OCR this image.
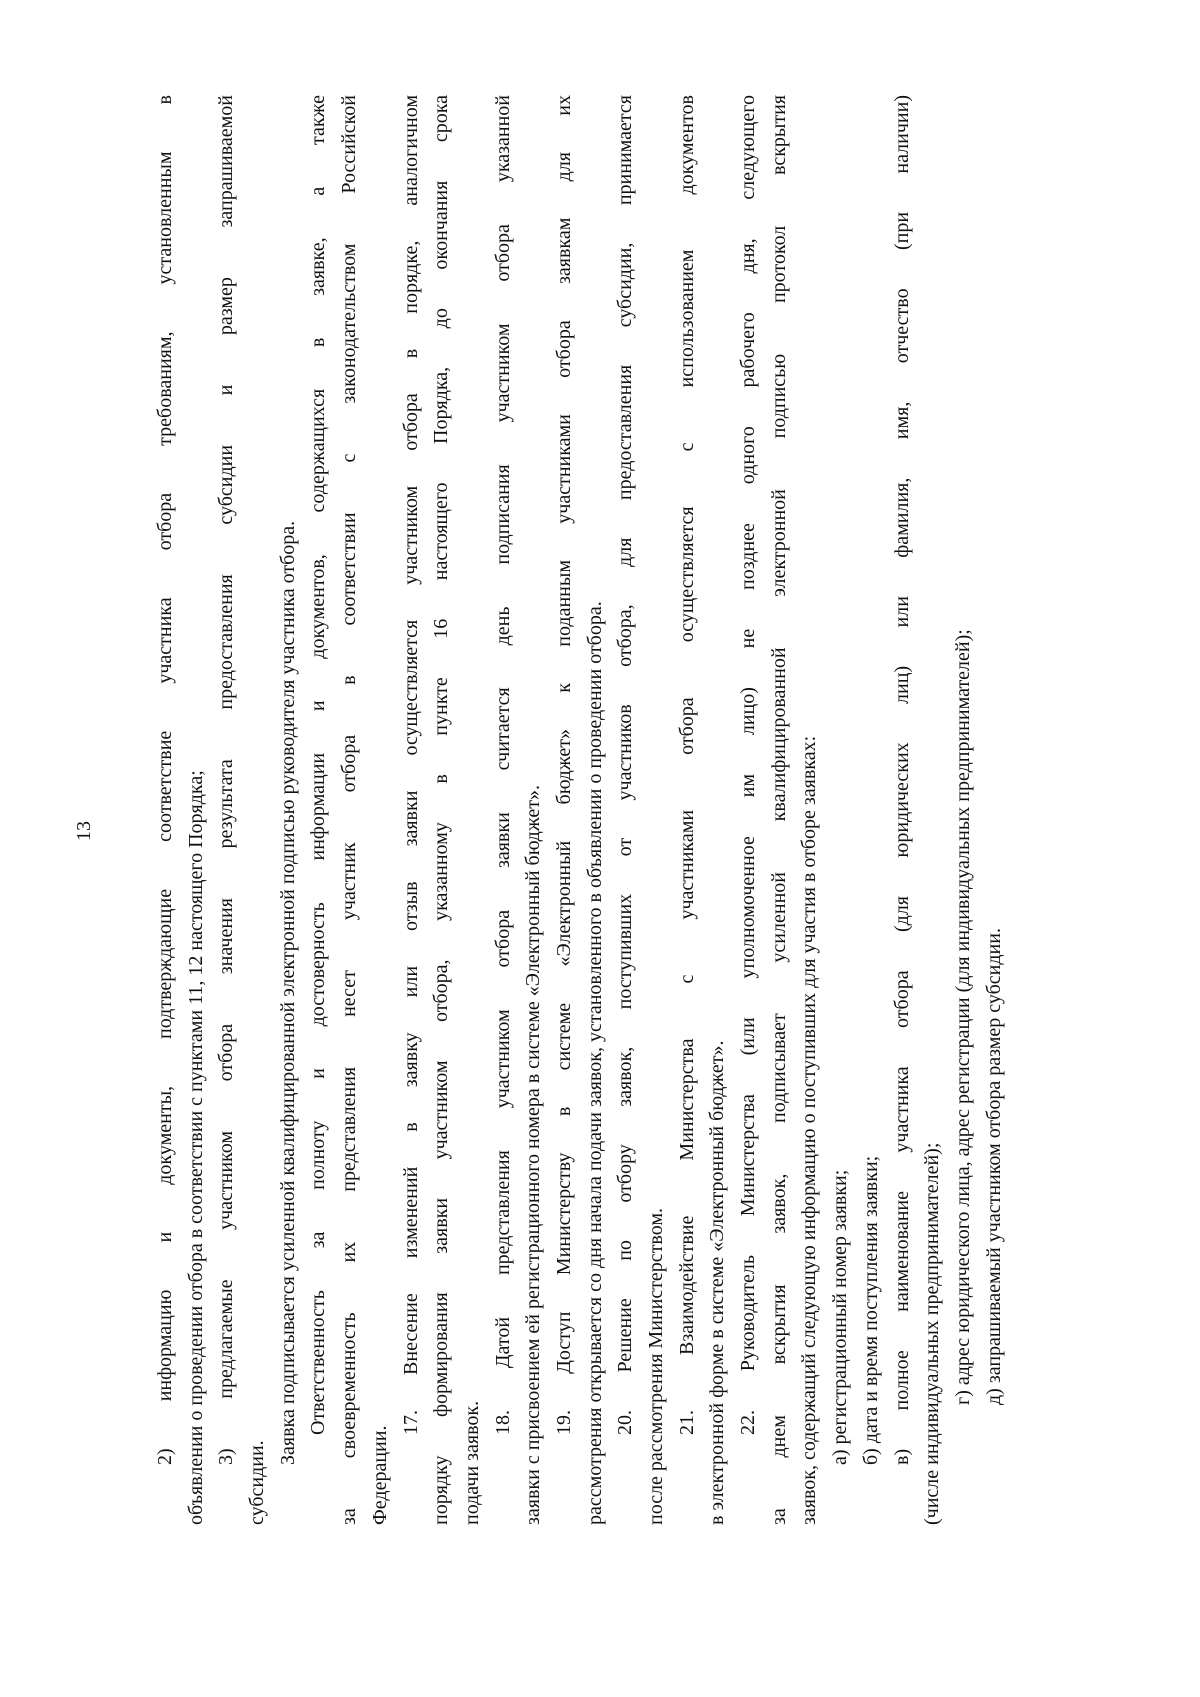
13	2) информацию и документы, подтверждающие соответствие участника отбора требованиям, установленным в объявлении о проведении отбора в соответствии с пунктами 11, 12 настоящего Порядка; 3) предлагаемые участником отбора значения результата предоставления субсидии и размер запрашиваемой
субсидии.
Заявка подписывается усиленной квалифицированной электронной подписью руководителя участника отбора. Ответственность за полноту и достоверность информации и документов, содержащихся в заявке, а также за своевременность их представления несет участник отбора в соответствии с законодательством Российской Федерации.
17. Внесение изменений в заявку или отзыв заявки осуществляется участником отбора в порядке, аналогичном порядку формирования заявки участником отбора, указанному в пункте 16 настоящего Порядка, до окончания срока подачи заявок.
18. Датой представления участником отбора заявки считается день подписания участником отбора указанной заявки с присвоением ей регистрационного номера в системе «Электронный бюджет». 19. Доступ Министерству в системе «Электронный бюджет» к поданным участниками отбора заявкам для их рассмотрения открывается со дня начала подачи заявок, установленного в объявлении о проведении отбора. 20. Решение по отбору заявок, поступивших от участников отбора, для предоставления субсидии, принимается после рассмотрения Министерством. 21. Взаимодействие Министерства с участниками отбора осуществляется с использованием документов в электронной форме в системе «Электронный бюджет». 22. Руководитель Министерства (или уполномоченное им лицо) не позднее одного рабочего дня, следующего за днем вскрытия заявок, подписывает усиленной квалифицированной электронной подписью протокол вскрытия заявок, содержащий следующую информацию о поступивших для участия в отборе заявках: а) регистрационный номер заявки; б) дата и время поступления заявки; в) полное наименование участника отбора (для юридических лиц) или фамилия, имя, отчество (при наличии) (числе индивидуальных предпринимателей); г) адрес юридического лица, адрес регистрации (для индивидуальных предпринимателей); д) запрашиваемый участником отбора размер субсидии.
